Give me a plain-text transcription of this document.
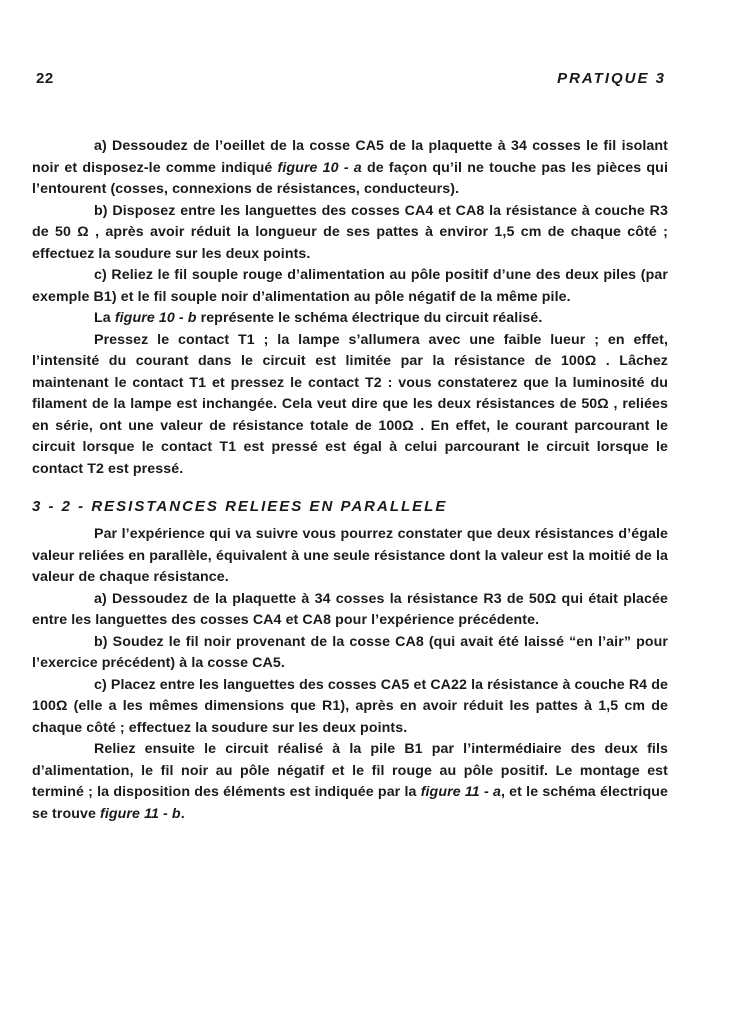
22	PRATIQUE 3

a) Dessoudez de l’oeillet de la cosse CA5 de la plaquette à 34 cosses le fil isolant noir et disposez-le comme indiqué figure 10 - a de façon qu’il ne touche pas les pièces qui l’entourent (cosses, connexions de résistances, conducteurs).

b) Disposez entre les languettes des cosses CA4 et CA8 la résistance à couche R3 de 50 Ω , après avoir réduit la longueur de ses pattes à enviror 1,5 cm de chaque côté ; effectuez la soudure sur les deux points.

c) Reliez le fil souple rouge d’alimentation au pôle positif d’une des deux piles (par exemple B1) et le fil souple noir d’alimentation au pôle négatif de la même pile.

La figure 10 - b représente le schéma électrique du circuit réalisé.

Pressez le contact T1 ; la lampe s’allumera avec une faible lueur ; en effet, l’intensité du courant dans le circuit est limitée par la résistance de 100Ω . Lâchez maintenant le contact T1 et pressez le contact T2 : vous constaterez que la luminosité du filament de la lampe est inchangée. Cela veut dire que les deux résistances de 50Ω , reliées en série, ont une valeur de résistance totale de 100Ω . En effet, le courant parcourant le circuit lorsque le contact T1 est pressé est égal à celui parcourant le circuit lorsque le contact T2 est pressé.

3 - 2 - RESISTANCES RELIEES EN PARALLELE

Par l’expérience qui va suivre vous pourrez constater que deux résistances d’égale valeur reliées en parallèle, équivalent à une seule résistance dont la valeur est la moitié de la valeur de chaque résistance.

a) Dessoudez de la plaquette à 34 cosses la résistance R3 de 50Ω qui était placée entre les languettes des cosses CA4 et CA8 pour l’expérience précédente.

b) Soudez le fil noir provenant de la cosse CA8 (qui avait été laissé “en l’air” pour l’exercice précédent) à la cosse CA5.

c) Placez entre les languettes des cosses CA5 et CA22 la résistance à couche R4 de 100Ω (elle a les mêmes dimensions que R1), après en avoir réduit les pattes à 1,5 cm de chaque côté ; effectuez la soudure sur les deux points.

Reliez ensuite le circuit réalisé à la pile B1 par l’intermédiaire des deux fils d’alimentation, le fil noir au pôle négatif et le fil rouge au pôle positif. Le montage est terminé ; la disposition des éléments est indiquée par la figure 11 - a, et le schéma électrique se trouve figure 11 - b.
